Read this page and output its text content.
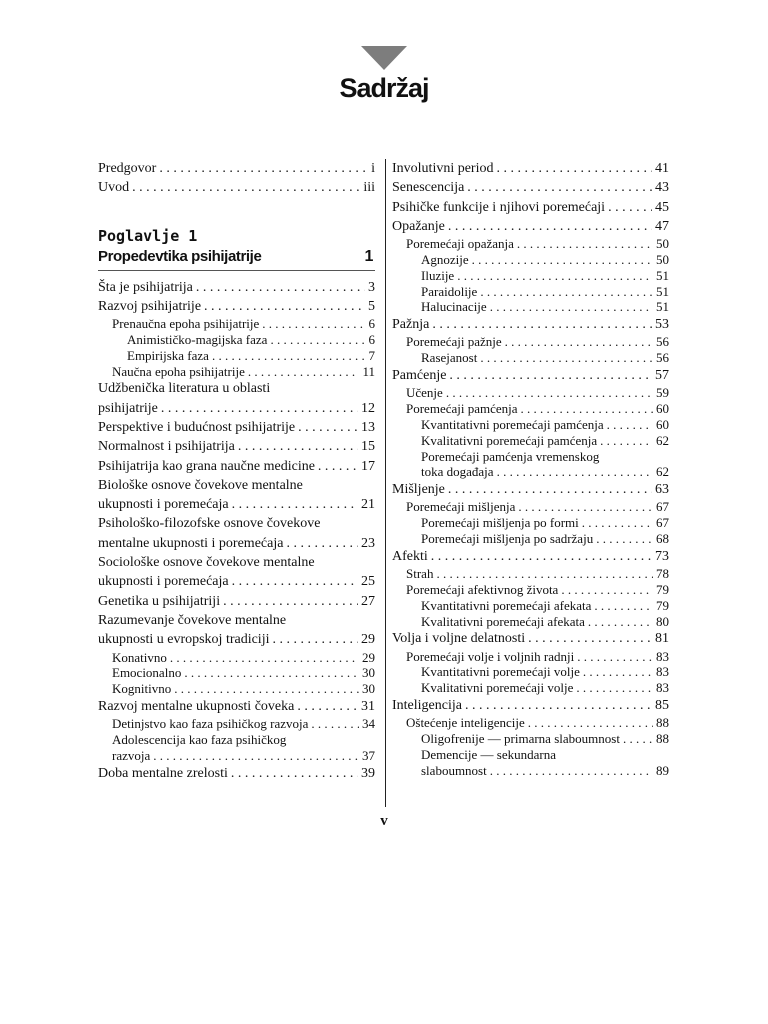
Sadržaj
Predgovor . . .	i
Uvod . . .	iii
Poglavlje 1
Propedevtika psihijatrije	1
Šta je psihijatrija . . .	3
Razvoj psihijatrije . . .	5
Prenaučna epoha psihijatrije . . .	6
Animističko-magijska faza . . .	6
Empirijska faza . . .	7
Naučna epoha psihijatrije . . .	11
Udžbenička literatura u oblasti
psihijatrije . . .	12
Perspektive i budućnost psihijatrije . . .	13
Normalnost i psihijatrija . . .	15
Psihijatrija kao grana naučne medicine . . .	17
Biološke osnove čovekove mentalne
ukupnosti i poremećaja . . .	21
Psihološko-filozofske osnove čovekove
mentalne ukupnosti i poremećaja . . .	23
Sociološke osnove čovekove mentalne
ukupnosti i poremećaja . . .	25
Genetika u psihijatriji . . .	27
Razumevanje čovekove mentalne
ukupnosti u evropskoj tradiciji . . .	29
Konativno . . .	29
Emocionalno . . .	30
Kognitivno . . .	30
Razvoj mentalne ukupnosti čoveka . . .	31
Detinjstvo kao faza psihičkog razvoja . . .	34
Adolescencija kao faza psihičkog
razvoja . . .	37
Doba mentalne zrelosti . . .	39
Involutivni period . . .	41
Senescencija . . .	43
Psihičke funkcije i njihovi poremećaji . . .	45
Opažanje . . .	47
Poremećaji opažanja . . .	50
Agnozije . . .	50
Iluzije . . .	51
Paraidolije . . .	51
Halucinacije . . .	51
Pažnja . . .	53
Poremećaji pažnje . . .	56
Rasejanost . . .	56
Pamćenje . . .	57
Učenje . . .	59
Poremećaji pamćenja . . .	60
Kvantitativni poremećaji pamćenja . . .	60
Kvalitativni poremećaji pamćenja . . .	62
Poremećaji pamćenja vremenskog
toka događaja . . .	62
Mišljenje . . .	63
Poremećaji mišljenja . . .	67
Poremećaji mišljenja po formi . . .	67
Poremećaji mišljenja po sadržaju . . .	68
Afekti . . .	73
Strah . . .	78
Poremećaji afektivnog života . . .	79
Kvantitativni poremećaji afekata . . .	79
Kvalitativni poremećaji afekata . . .	80
Volja i voljne delatnosti . . .	81
Poremećaji volje i voljnih radnji . . .	83
Kvantitativni poremećaji volje . . .	83
Kvalitativni poremećaji volje . . .	83
Inteligencija . . .	85
Oštećenje inteligencije . . .	88
Oligofrenije — primarna slaboumnost . . .	88
Demencije — sekundarna
slaboumnost . . .	89
v
